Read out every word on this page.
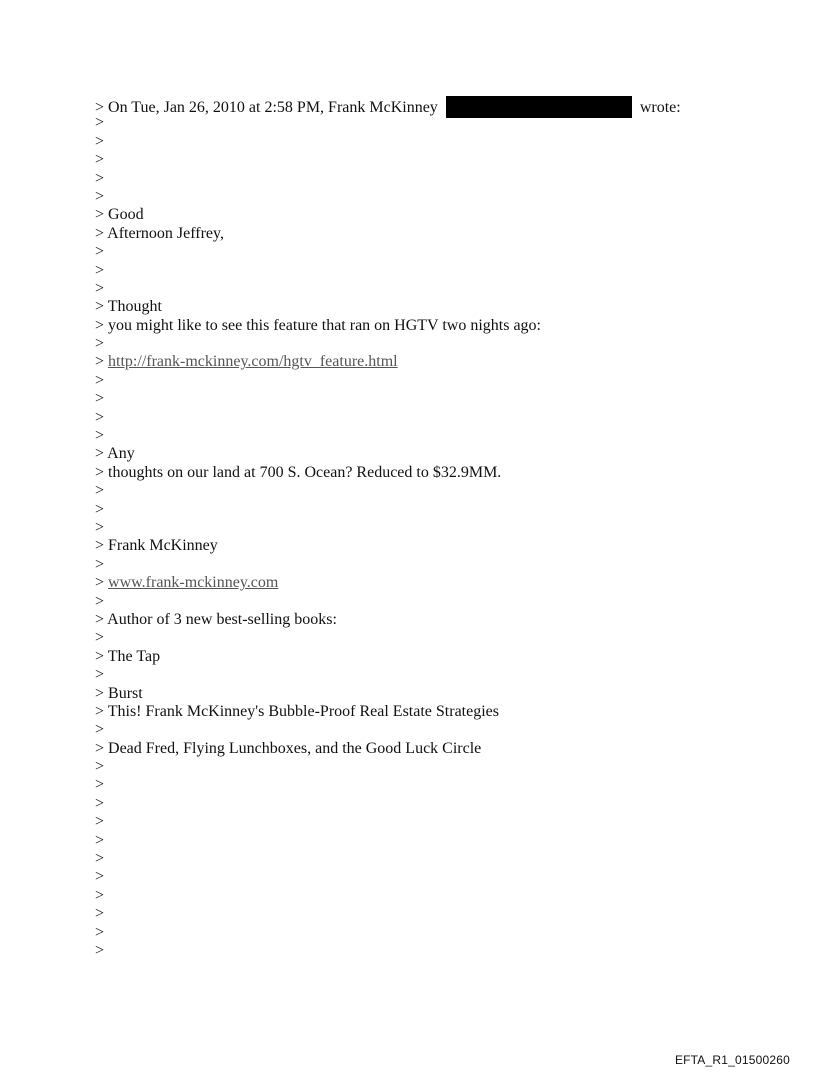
> On Tue, Jan 26, 2010 at 2:58 PM, Frank McKinney	wrote:
>
>
>
>
>
> Good
> Afternoon Jeffrey,
>
>
>
> Thought
> you might like to see this feature that ran on HGTV two nights ago:
>
> http://frank-mckinney.com/hgtv_feature.html
>
>
>
>
> Any
> thoughts on our land at 700 S. Ocean? Reduced to $32.9MM.
>
>
>
> Frank McKinney
>
> www.frank-mckinney.com
>
> Author of 3 new best-selling books:
>
> The Tap
>
> Burst
> This! Frank McKinney's Bubble-Proof Real Estate Strategies
>
> Dead Fred, Flying Lunchboxes, and the Good Luck Circle
>
>
>
>
>
>
>
>
>
>
>
EFTA_R1_01500260
